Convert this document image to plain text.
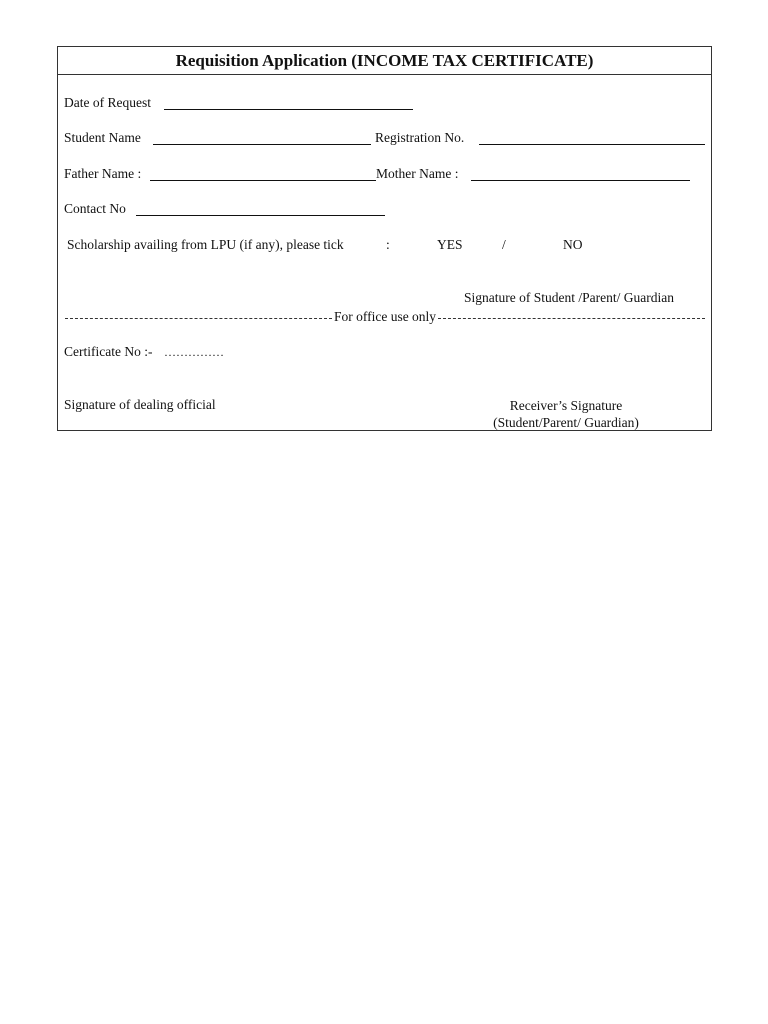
Requisition Application (INCOME TAX CERTIFICATE)
Date of Request
Student Name	Registration No.
Father Name :	Mother Name :
Contact No
Scholarship availing from LPU (if any), please tick	:	YES	/	NO
Signature of Student /Parent/ Guardian
For office use only
Certificate No :- ……………
Signature of dealing official	Receiver’s Signature
(Student/Parent/ Guardian)
